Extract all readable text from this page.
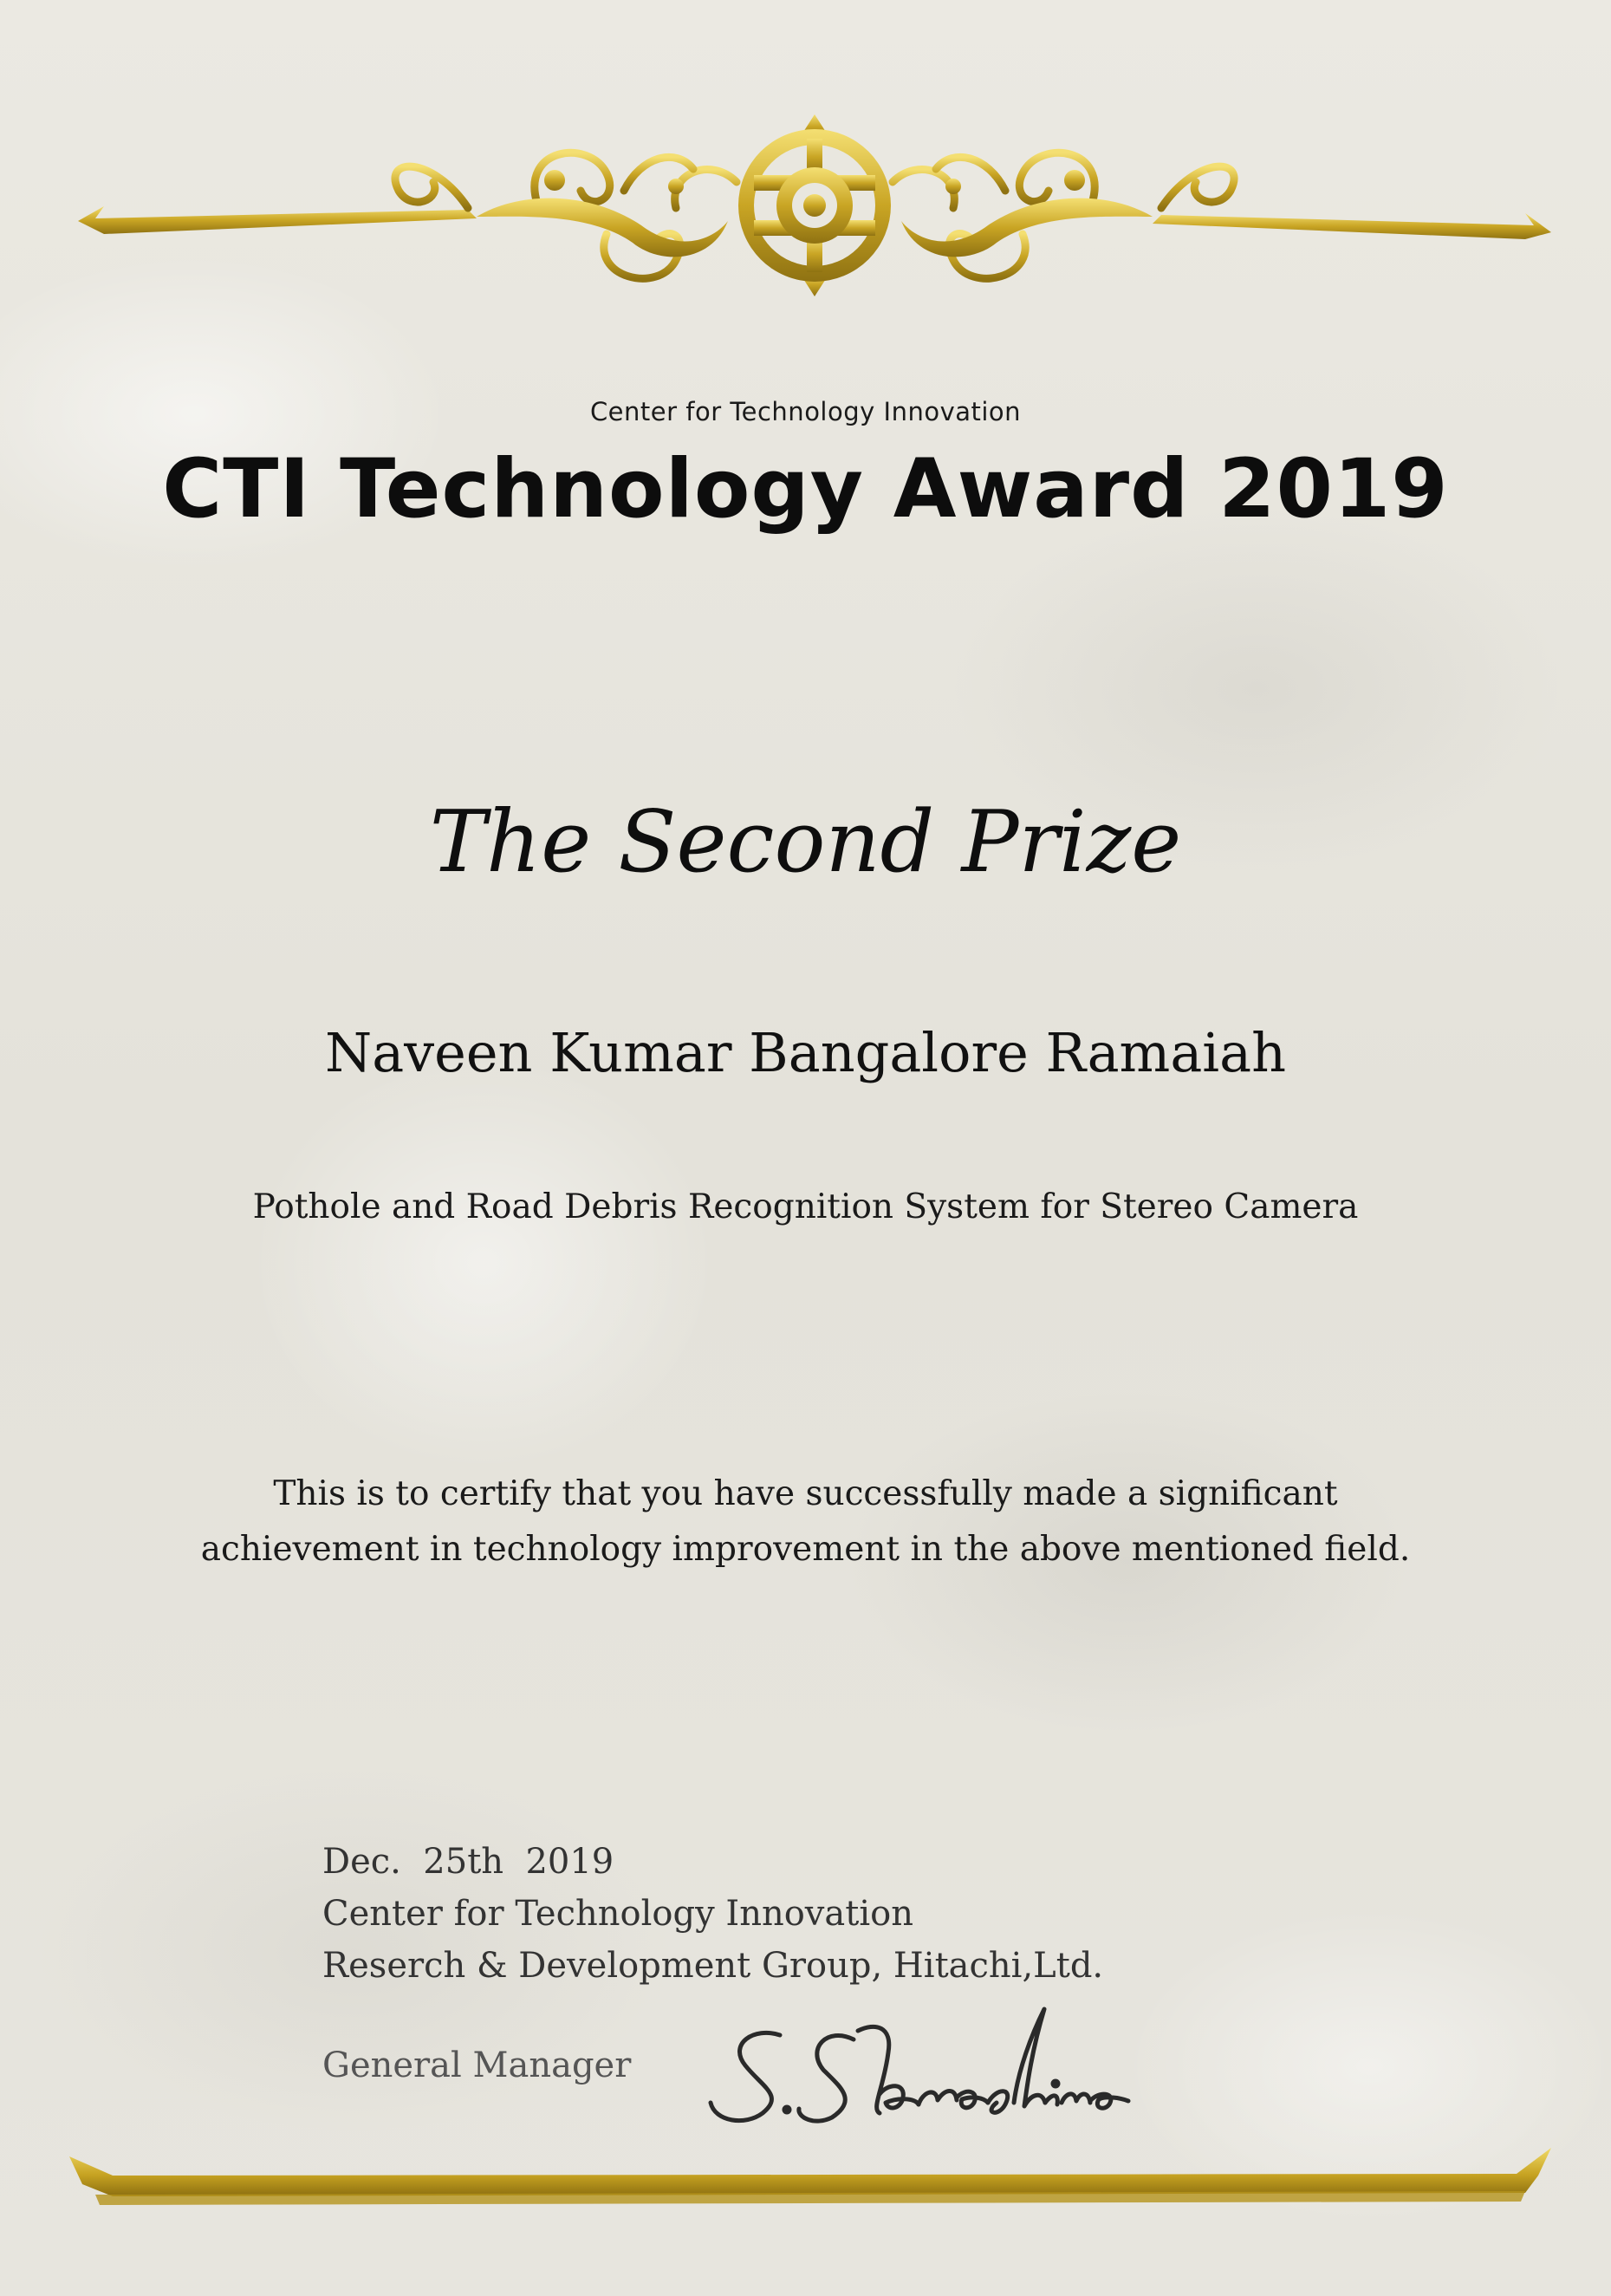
Center for Technology Innovation
CTI Technology Award 2019
The Second Prize
Naveen Kumar Bangalore Ramaiah
Pothole and Road Debris Recognition System for Stereo Camera
This is to certify that you have successfully made a significant
achievement in technology improvement in the above mentioned field.
Dec.  25th  2019
Center for Technology Innovation
Reserch & Development Group, Hitachi,Ltd.
General Manager
